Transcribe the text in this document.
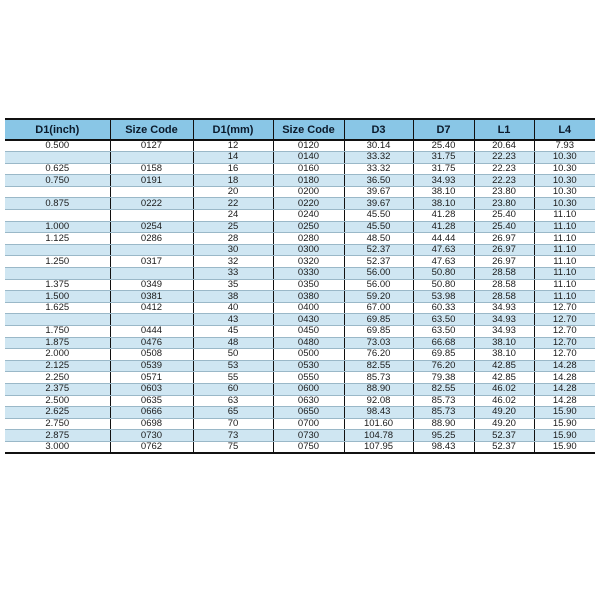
D1(inch)	Size Code	D1(mm)	Size Code	D3	D7	L1	L4
0.500	0127	12	0120	30.14	25.40	20.64	7.93
		14	0140	33.32	31.75	22.23	10.30
0.625	0158	16	0160	33.32	31.75	22.23	10.30
0.750	0191	18	0180	36.50	34.93	22.23	10.30
		20	0200	39.67	38.10	23.80	10.30
0.875	0222	22	0220	39.67	38.10	23.80	10.30
		24	0240	45.50	41.28	25.40	11.10
1.000	0254	25	0250	45.50	41.28	25.40	11.10
1.125	0286	28	0280	48.50	44.44	26.97	11.10
		30	0300	52.37	47.63	26.97	11.10
1.250	0317	32	0320	52.37	47.63	26.97	11.10
		33	0330	56.00	50.80	28.58	11.10
1.375	0349	35	0350	56.00	50.80	28.58	11.10
1.500	0381	38	0380	59.20	53.98	28.58	11.10
1.625	0412	40	0400	67.00	60.33	34.93	12.70
		43	0430	69.85	63.50	34.93	12.70
1.750	0444	45	0450	69.85	63.50	34.93	12.70
1.875	0476	48	0480	73.03	66.68	38.10	12.70
2.000	0508	50	0500	76.20	69.85	38.10	12.70
2.125	0539	53	0530	82.55	76.20	42.85	14.28
2.250	0571	55	0550	85.73	79.38	42.85	14.28
2.375	0603	60	0600	88.90	82.55	46.02	14.28
2.500	0635	63	0630	92.08	85.73	46.02	14.28
2.625	0666	65	0650	98.43	85.73	49.20	15.90
2.750	0698	70	0700	101.60	88.90	49.20	15.90
2.875	0730	73	0730	104.78	95.25	52.37	15.90
3.000	0762	75	0750	107.95	98.43	52.37	15.90
